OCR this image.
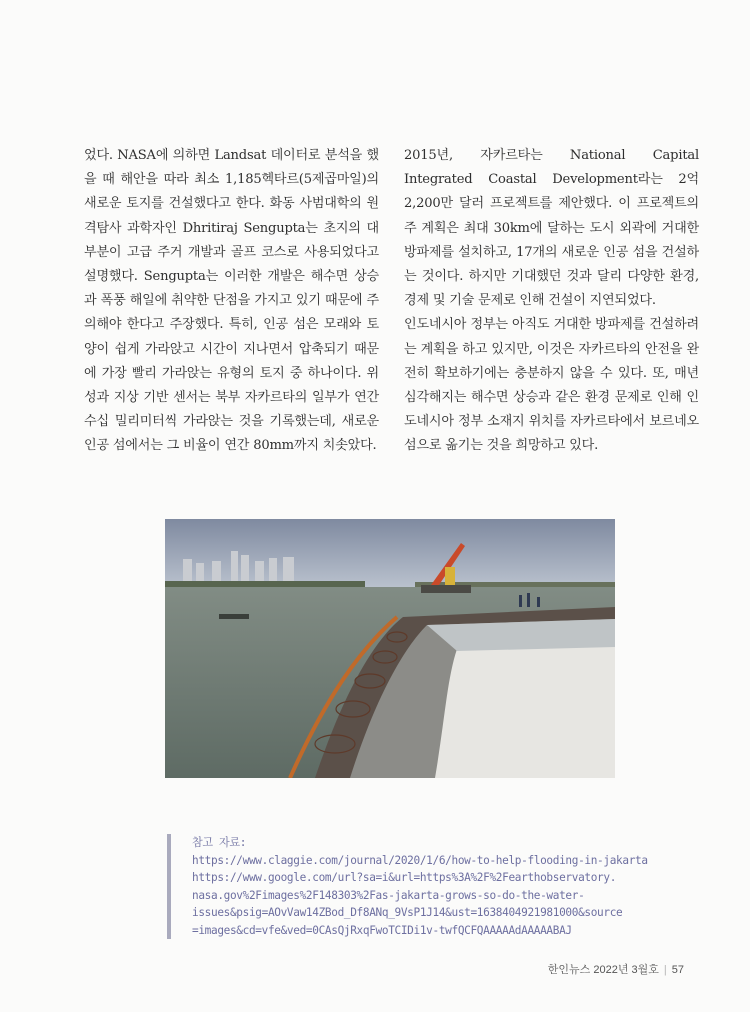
었다. NASA에 의하면 Landsat 데이터로 분석을 했을 때 해안을 따라 최소 1,185헥타르(5제곱마일)의 새로운 토지를 건설했다고 한다. 화동 사범대학의 원격탐사 과학자인 Dhritiraj Sengupta는 초지의 대부분이 고급 주거 개발과 골프 코스로 사용되었다고 설명했다. Sengupta는 이러한 개발은 해수면 상승과 폭풍 해일에 취약한 단점을 가지고 있기 때문에 주의해야 한다고 주장했다. 특히, 인공 섬은 모래와 토양이 쉽게 가라앉고 시간이 지나면서 압축되기 때문에 가장 빨리 가라앉는 유형의 토지 중 하나이다. 위성과 지상 기반 센서는 북부 자카르타의 일부가 연간 수십 밀리미터씩 가라앉는 것을 기록했는데, 새로운 인공 섬에서는 그 비율이 연간 80mm까지 치솟았다.

2015년, 자카르타는 National Capital Integrated Coastal Development라는 2억 2,200만 달러 프로젝트를 제안했다. 이 프로젝트의 주 계획은 최대 30km에 달하는 도시 외곽에 거대한 방파제를 설치하고, 17개의 새로운 인공 섬을 건설하는 것이다. 하지만 기대했던 것과 달리 다양한 환경, 경제 및 기술 문제로 인해 건설이 지연되었다.

인도네시아 정부는 아직도 거대한 방파제를 건설하려는 계획을 하고 있지만, 이것은 자카르타의 안전을 완전히 확보하기에는 충분하지 않을 수 있다. 또, 매년 심각해지는 해수면 상승과 같은 환경 문제로 인해 인도네시아 정부 소재지 위치를 자카르타에서 보르네오섬으로 옮기는 것을 희망하고 있다.

참고 자료:
https://www.claggie.com/journal/2020/1/6/how-to-help-flooding-in-jakarta
https://www.google.com/url?sa=i&url=https%3A%2F%2Fearthobservatory.
nasa.gov%2Fimages%2F148303%2Fas-jakarta-grows-so-do-the-water-
issues&psig=AOvVaw14ZBod_Df8ANq_9VsP1J14&ust=1638404921981000&source
=images&cd=vfe&ved=0CAsQjRxqFwoTCIDi1v-twfQCFQAAAAAdAAAAABAJ
한인뉴스 2022년 3월호 | 57
